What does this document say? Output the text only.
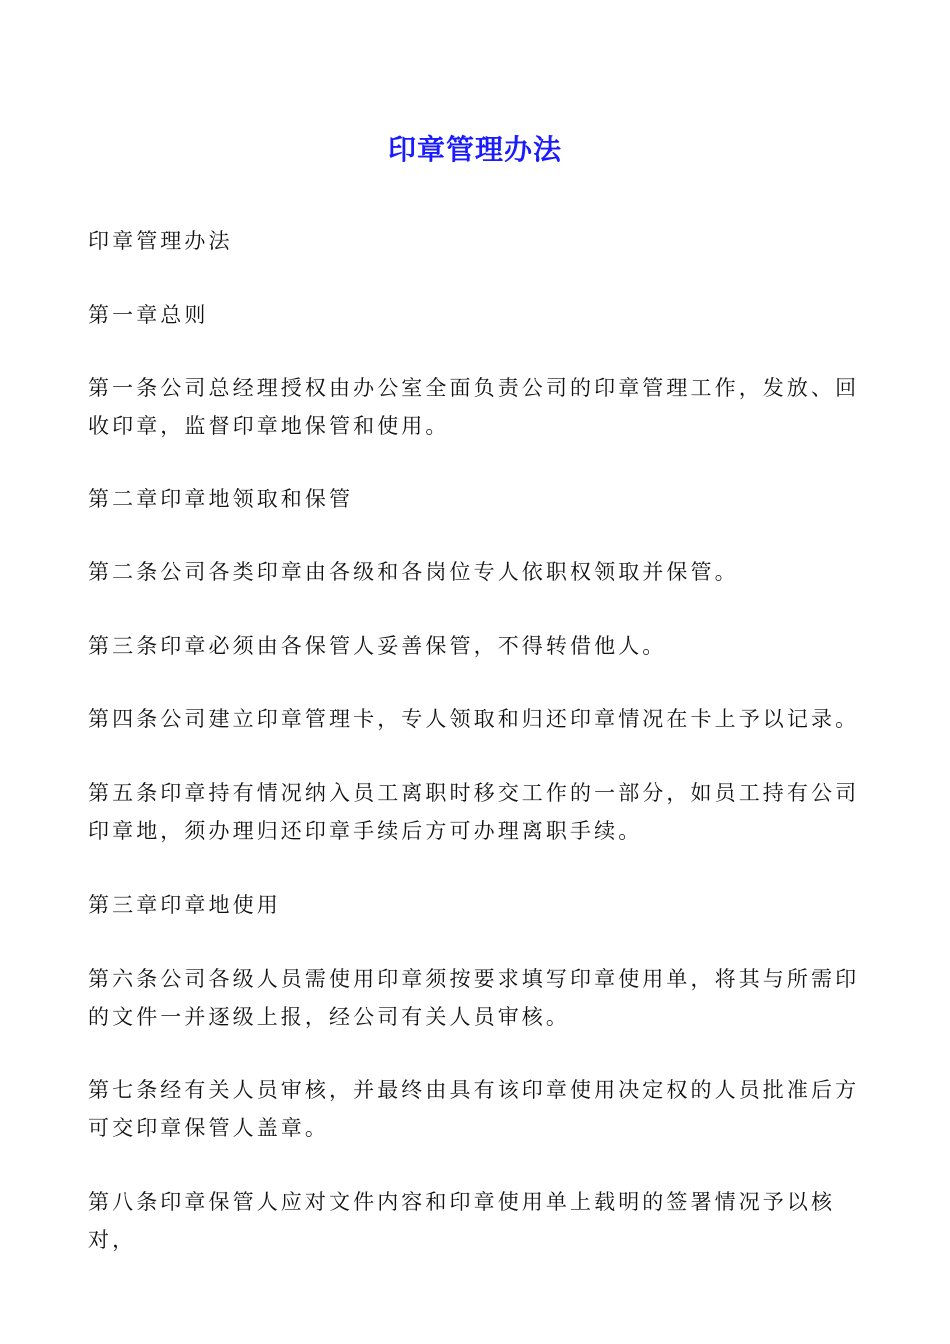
印章管理办法
印章管理办法
第一章总则
第一条公司总经理授权由办公室全面负责公司的印章管理工作，发放、回
收印章，监督印章地保管和使用。
第二章印章地领取和保管
第二条公司各类印章由各级和各岗位专人依职权领取并保管。
第三条印章必须由各保管人妥善保管，不得转借他人。
第四条公司建立印章管理卡，专人领取和归还印章情况在卡上予以记录。
第五条印章持有情况纳入员工离职时移交工作的一部分，如员工持有公司
印章地，须办理归还印章手续后方可办理离职手续。
第三章印章地使用
第六条公司各级人员需使用印章须按要求填写印章使用单，将其与所需印
的文件一并逐级上报，经公司有关人员审核。
第七条经有关人员审核，并最终由具有该印章使用决定权的人员批准后方
可交印章保管人盖章。
第八条印章保管人应对文件内容和印章使用单上载明的签署情况予以核对，
